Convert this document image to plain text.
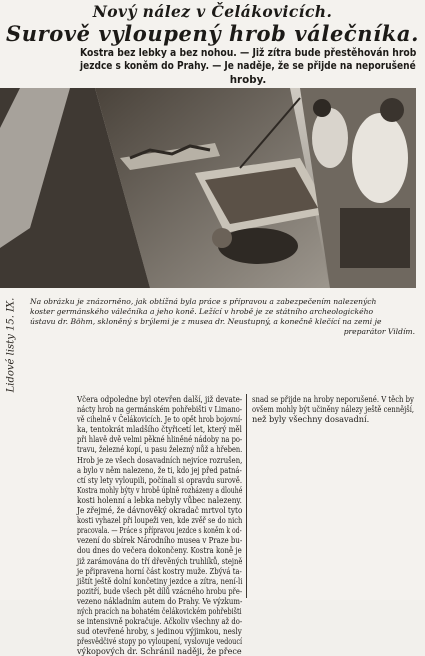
Nový nález v Čelákovicích.
Surově vyloupený hrob válečníka.
Kostra bez lebky a bez nohou. — Již zítra bude přestěhován hrob
jezdce s koněm do Prahy. — Je naděje, že se přijde na neporušené
hroby.
Lidové listy 15. IX. Na obrázku je znázorněno, jak obtížná byla práce s přípravou a zabezpečením nalezených
koster germánského válečníka a jeho koně. Ležící v hrobě je ze státního archeologického
ústavu dr. Böhm, skloněný s brýlemi je z musea dr. Neustupný, a konečně klečící na zemi je
preparátor Vildím.
Včera odpoledne byl otevřen další, již devate-
nácty hrob na germánském pohřebišti v Limano-
vě cihelně v Čelákovicích. Je to opět hrob bojovní-
ka, tentokrát mladšího čtyřicetí let, který měl
při hlavě dvě velmi pěkné hliněné nádoby na po-
travu, železné kopí, u pasu železný nůž a hřeben.
Hrob je ze všech dosavadních nejvíce rozrušen,
a bylo v něm nalezeno, že ti, kdo jej před patná-
ctí sty lety vyloupili, počínali si opravdu surově.
Kostra mohly býty v hrobě úplně rozházeny a dlouhé
kosti holenní a lebka nebyly vůbec nalezeny.
Je zřejmé, že dávnověký okradač mrtvol tyto
kosti vyhazel při loupeži ven, kde zvěř se do nich
pracovala. — Práce s přípravou jezdce s koněm k od-
vezení do sbírek Národního musea v Praze bu-
dou dnes do večera dokončeny. Kostra koně je
již zarámována do tří dřevěných truhlíků, stejně
je připravena horní část kostry muže. Zbývá ta-
jištít ještě dolní končetiny jezdce a zítra, není-li
pozitří, bude všech pět dílů vzácného hrobu pře-
vezeno nákladním autem do Prahy. Ve výzkum-
ných pracích na bohatém čelákovickém pohřebišti
se intensivně pokračuje. Ačkoliv všechny až do-
sud otevřené hroby, s jedinou výjimkou, nesly
přesvědčivé stopy po vyloupení, vyslovuje vedoucí
výkopových dr. Schránil naději, že přece
snad se přijde na hroby neporušené. V těch by
ovšem mohly být učiněny nálezy ještě cennější,
než byly všechny dosavadní.
